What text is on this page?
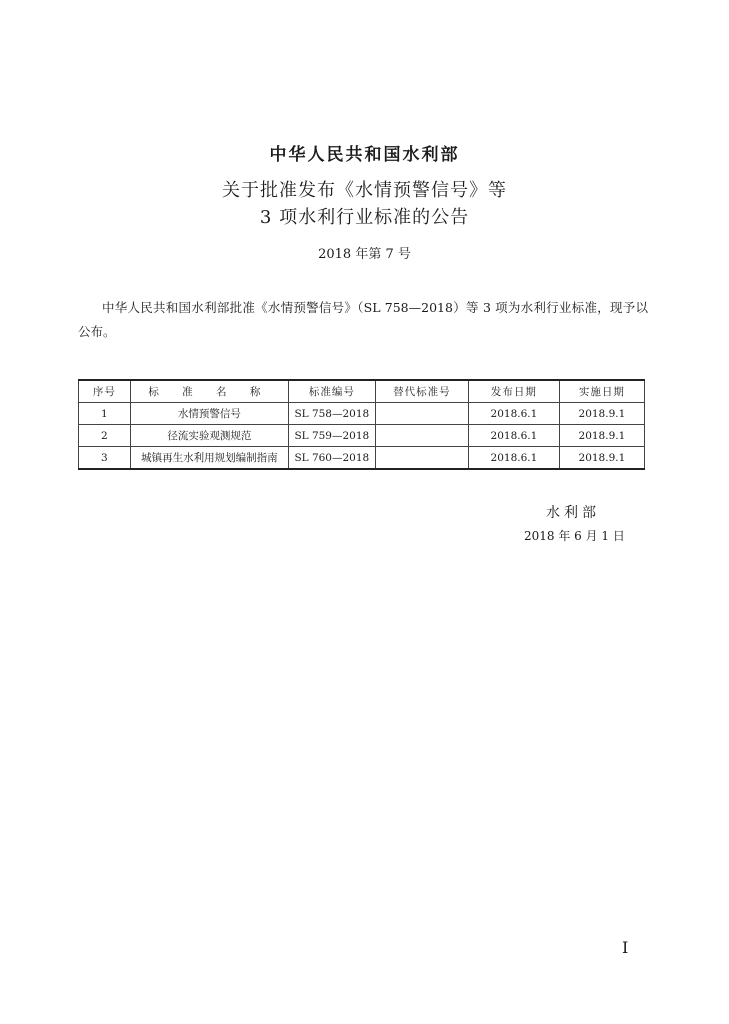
中华人民共和国水利部
关于批准发布《水情预警信号》等
3 项水利行业标准的公告
2018 年第 7 号
中华人民共和国水利部批准《水情预警信号》（SL 758—2018）等 3 项为水利行业标准，现予以公布。
序号	标 准 名 称	标准编号	替代标准号	发布日期	实施日期
1	水情预警信号	SL 758—2018		2018.6.1	2018.9.1
2	径流实验观测规范	SL 759—2018		2018.6.1	2018.9.1
3	城镇再生水利用规划编制指南	SL 760—2018		2018.6.1	2018.9.1
水利部
2018 年 6 月 1 日
I
